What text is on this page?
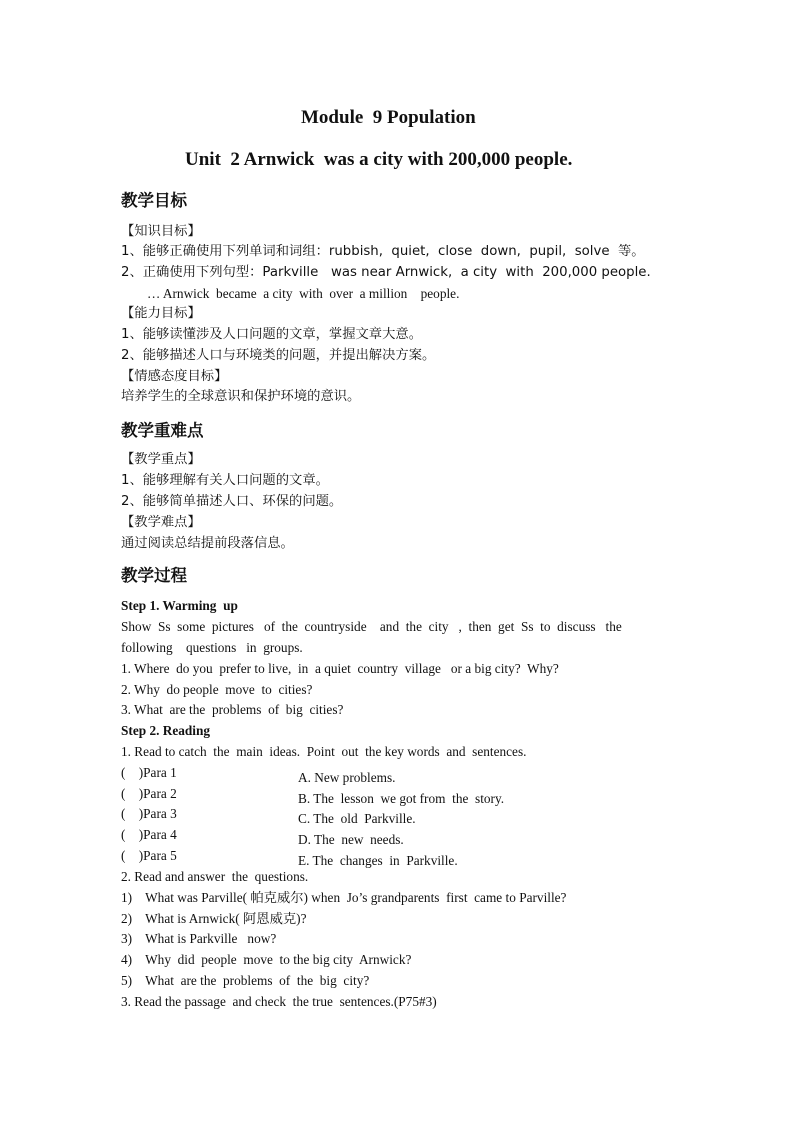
Module  9 Population
Unit  2 Arnwick  was a city with 200,000 people.
教学目标
【知识目标】
1、能够正确使用下列单词和词组：rubbish,  quiet,  close  down,  pupil,  solve  等。
2、正确使用下列句型：Parkville   was near Arnwick,  a city  with  200,000 people.
… Arnwick  became  a city  with  over  a million    people.
【能力目标】
1、能够读懂涉及人口问题的文章，掌握文章大意。
2、能够描述人口与环境类的问题，并提出解决方案。
【情感态度目标】
培养学生的全球意识和保护环境的意识。
教学重难点
【教学重点】
1、能够理解有关人口问题的文章。
2、能够简单描述人口、环保的问题。
【教学难点】
通过阅读总结提前段落信息。
教学过程
Step 1. Warming  up
Show  Ss  some  pictures   of  the  countryside    and  the  city   ,  then  get  Ss  to  discuss   the
following    questions   in  groups.
1. Where  do you  prefer to live,  in  a quiet  country  village   or a big city?  Why?
2. Why  do people  move  to  cities?
3. What  are the  problems  of  big  cities?
Step 2. Reading
1. Read to catch  the  main  ideas.  Point  out  the key words  and  sentences.
(    )Para 1
(    )Para 2
(    )Para 3
(    )Para 4
(    )Para 5
A. New problems.
B. The  lesson  we got from  the  story.
C. The  old  Parkville.
D. The  new  needs.
E. The  changes  in  Parkville.
2. Read and answer  the  questions.
1)    What was Parville( 帕克威尔) when  Jo’s grandparents  first  came to Parville?
2)    What is Arnwick( 阿恩威克)?
3)    What is Parkville   now?
4)    Why  did  people  move  to the big city  Arnwick?
5)    What  are the  problems  of  the  big  city?
3. Read the passage  and check  the true  sentences.(P75#3)
